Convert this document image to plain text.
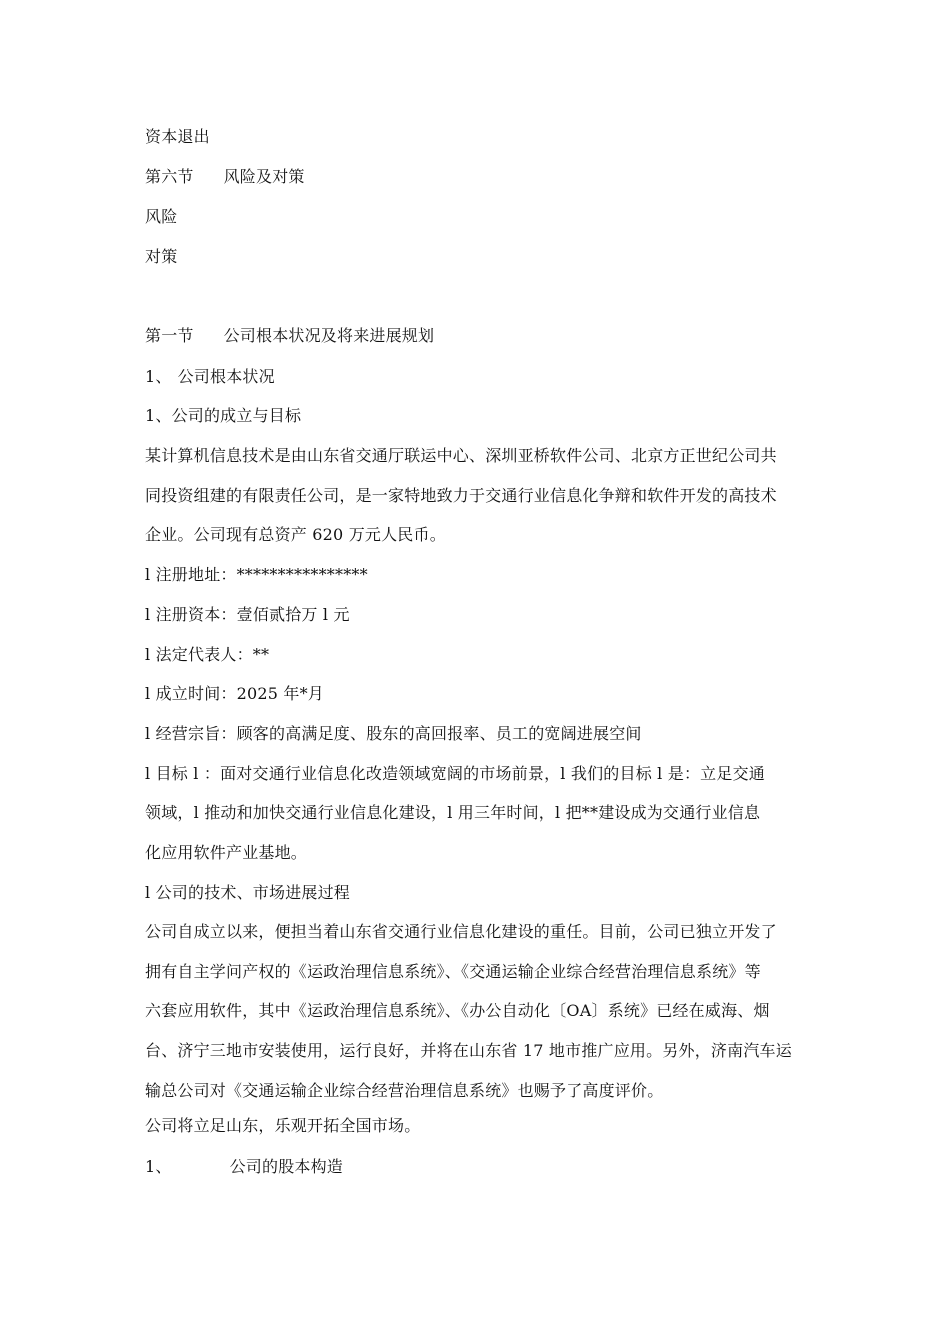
资本退出
第六节 风险及对策
风险
对策
第一节 公司根本状况及将来进展规划
1、 公司根本状况
1、公司的成立与目标
某计算机信息技术是由山东省交通厅联运中心、深圳亚桥软件公司、北京方正世纪公司共
同投资组建的有限责任公司，是一家特地致力于交通行业信息化争辩和软件开发的高技术
企业。公司现有总资产 620 万元人民币。
l 注册地址：****************
l 注册资本：壹佰贰拾万 l 元
l 法定代表人：**
l 成立时间：2025 年*月
l 经营宗旨：顾客的高满足度、股东的高回报率、员工的宽阔进展空间
l 目标 l ：面对交通行业信息化改造领域宽阔的市场前景，l 我们的目标 l 是：立足交通
领域，l 推动和加快交通行业信息化建设，l 用三年时间，l 把**建设成为交通行业信息
化应用软件产业基地。
l 公司的技术、市场进展过程
公司自成立以来，便担当着山东省交通行业信息化建设的重任。目前，公司已独立开发了
拥有自主学问产权的《运政治理信息系统》、《交通运输企业综合经营治理信息系统》等
六套应用软件，其中《运政治理信息系统》、《办公自动化〔OA〕系统》已经在威海、烟
台、济宁三地市安装使用，运行良好，并将在山东省 17 地市推广应用。另外，济南汽车运
输总公司对《交通运输企业综合经营治理信息系统》也赐予了高度评价。
公司将立足山东，乐观开拓全国市场。
1、	公司的股本构造
